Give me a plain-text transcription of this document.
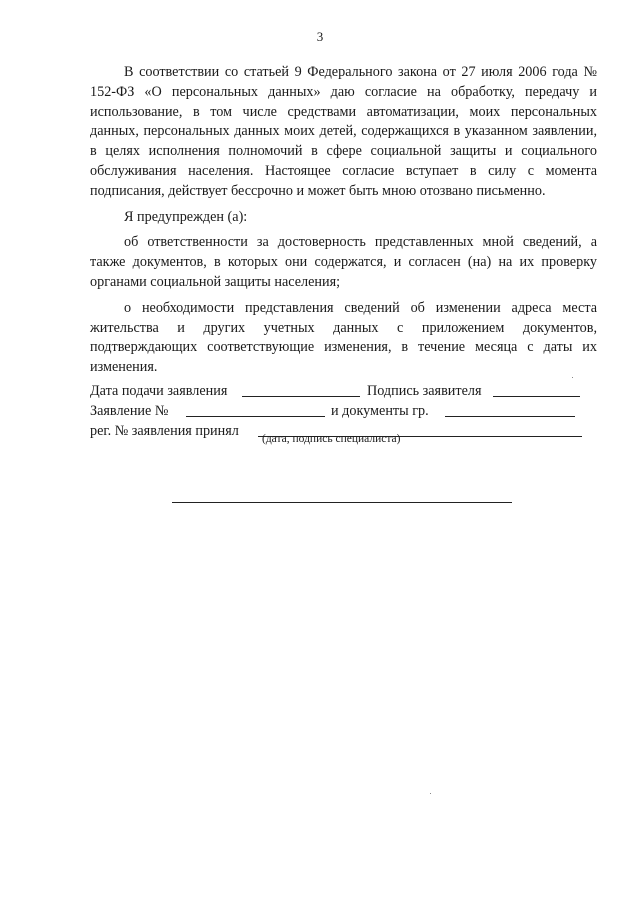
3

В соответствии со статьей 9 Федерального закона от 27 июля 2006 года № 152-ФЗ «О персональных данных» даю согласие на обработку, передачу и использование, в том числе средствами автоматизации, моих персональных данных, персональных данных моих детей, содержащихся в указанном заявлении, в целях исполнения полномочий в сфере социальной защиты и социального обслуживания населения. Настоящее согласие вступает в силу с момента подписания, действует бессрочно и может быть мною отозвано письменно.

Я предупрежден (а):

об ответственности за достоверность представленных мной сведений, а также документов, в которых они содержатся, и согласен (на) на их проверку органами социальной защиты населения;

о необходимости представления сведений об изменении адреса места жительства и других учетных данных с приложением документов, подтверждающих соответствующие изменения, в течение месяца с даты их изменения.

Дата подачи заявления	Подпись заявителя
Заявление №	и документы гр.
рег. № заявления принял (дата, подпись специалиста)
